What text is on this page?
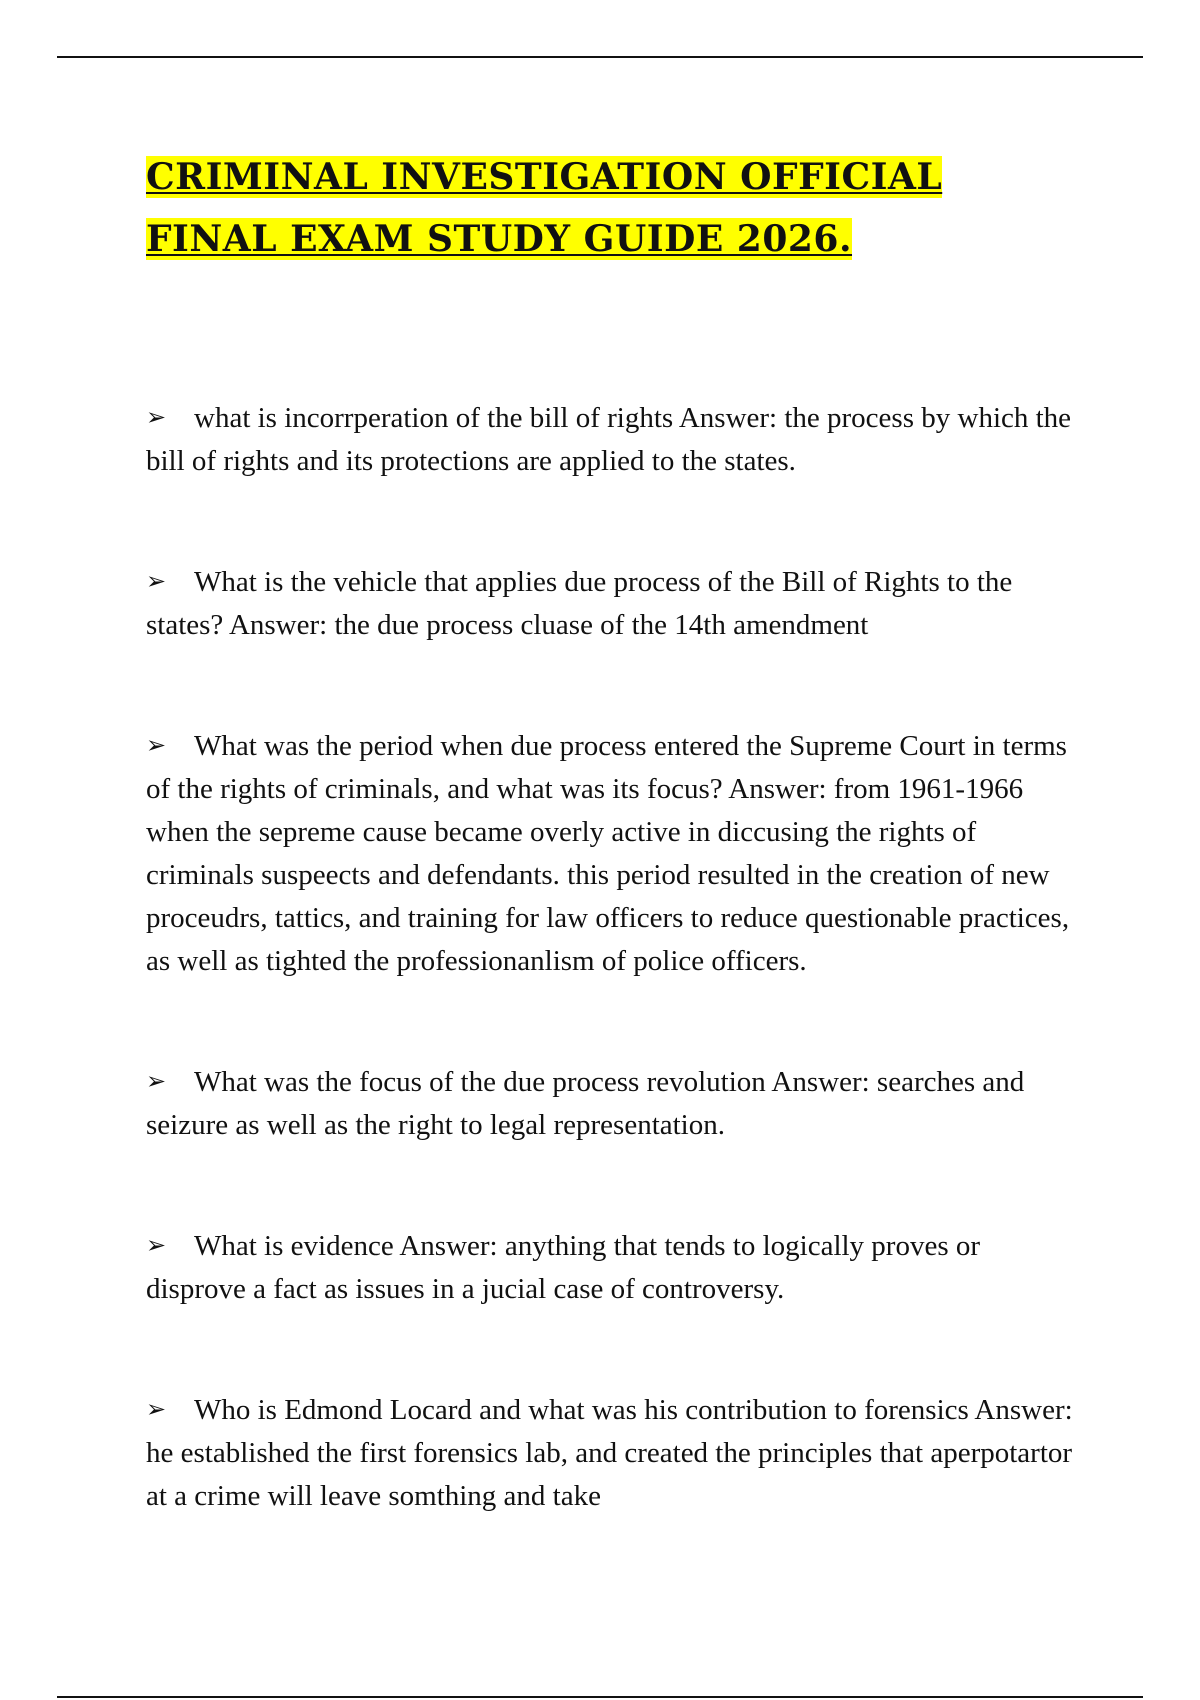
CRIMINAL INVESTIGATION OFFICIAL FINAL EXAM STUDY GUIDE 2026.
➢ what is incorrperation of the bill of rights Answer: the process by which the bill of rights and its protections are applied to the states.
➢ What is the vehicle that applies due process of the Bill of Rights to the states? Answer: the due process cluase of the 14th amendment
➢ What was the period when due process entered the Supreme Court in terms of the rights of criminals, and what was its focus? Answer: from 1961-1966 when the sepreme cause became overly active in diccusing the rights of criminals suspeects and defendants. this period resulted in the creation of new proceudrs, tattics, and training for law officers to reduce questionable practices, as well as tighted the professionanlism of police officers.
➢ What was the focus of the due process revolution Answer: searches and seizure as well as the right to legal representation.
➢ What is evidence Answer: anything that tends to logically proves or disprove a fact as issues in a jucial case of controversy.
➢ Who is Edmond Locard and what was his contribution to forensics Answer: he established the first forensics lab, and created the principles that aperpotartor at a crime will leave somthing and take
